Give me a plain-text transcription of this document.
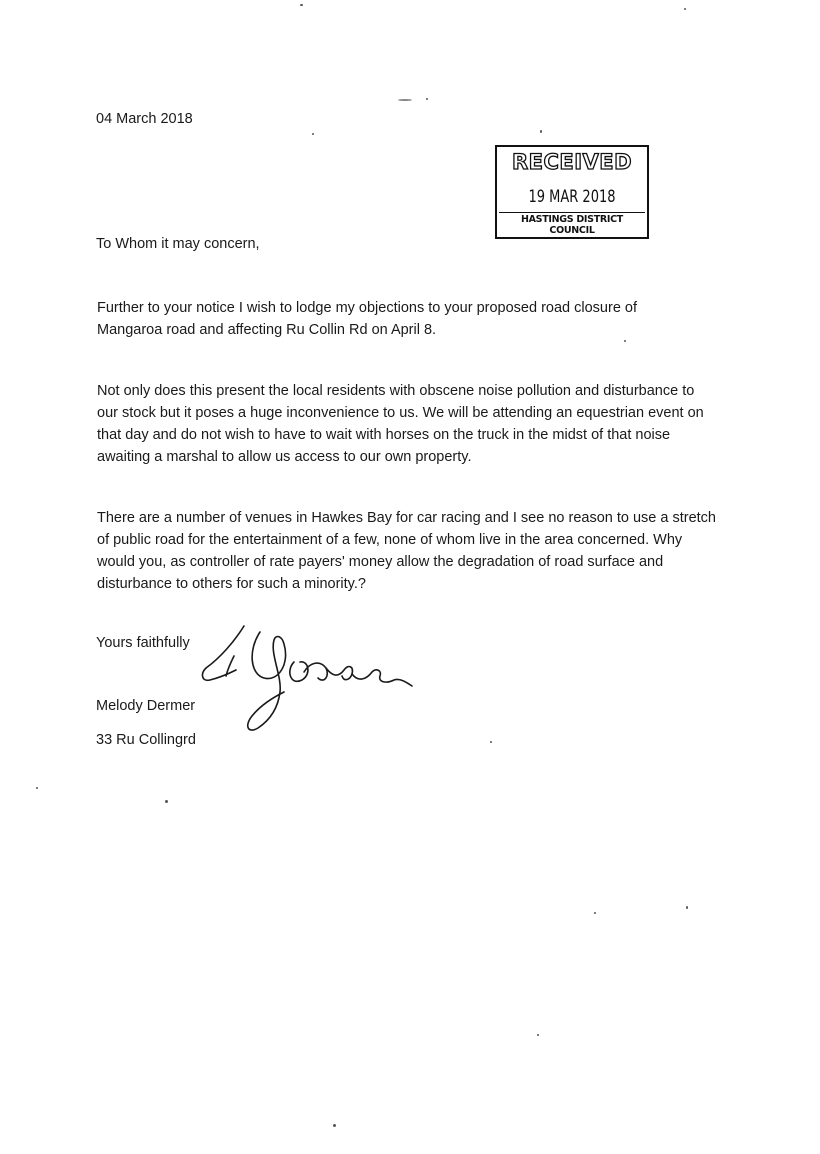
04 March 2018
RECEIVED
19 MAR 2018
HASTINGS DISTRICT COUNCIL
To Whom it may concern,
Further to your notice I wish to lodge my objections to your proposed road closure of
Mangaroa road and affecting Ru Collin Rd on April 8.
Not only does this present the local residents with obscene noise pollution and disturbance to
our stock but it poses a huge inconvenience to us. We will be attending an equestrian event on
that day and do not wish to have to wait with horses on the truck in the midst of that noise
awaiting a marshal to allow us access to our own property.
There are a number of venues in Hawkes Bay for car racing and I see no reason to use a stretch
of public road for the entertainment of a few, none of whom live in the area concerned. Why
would you, as controller of rate payers' money allow the degradation of road surface and
disturbance to others for such a minority.?
Yours faithfully
Melody Dermer
33 Ru Collingrd
